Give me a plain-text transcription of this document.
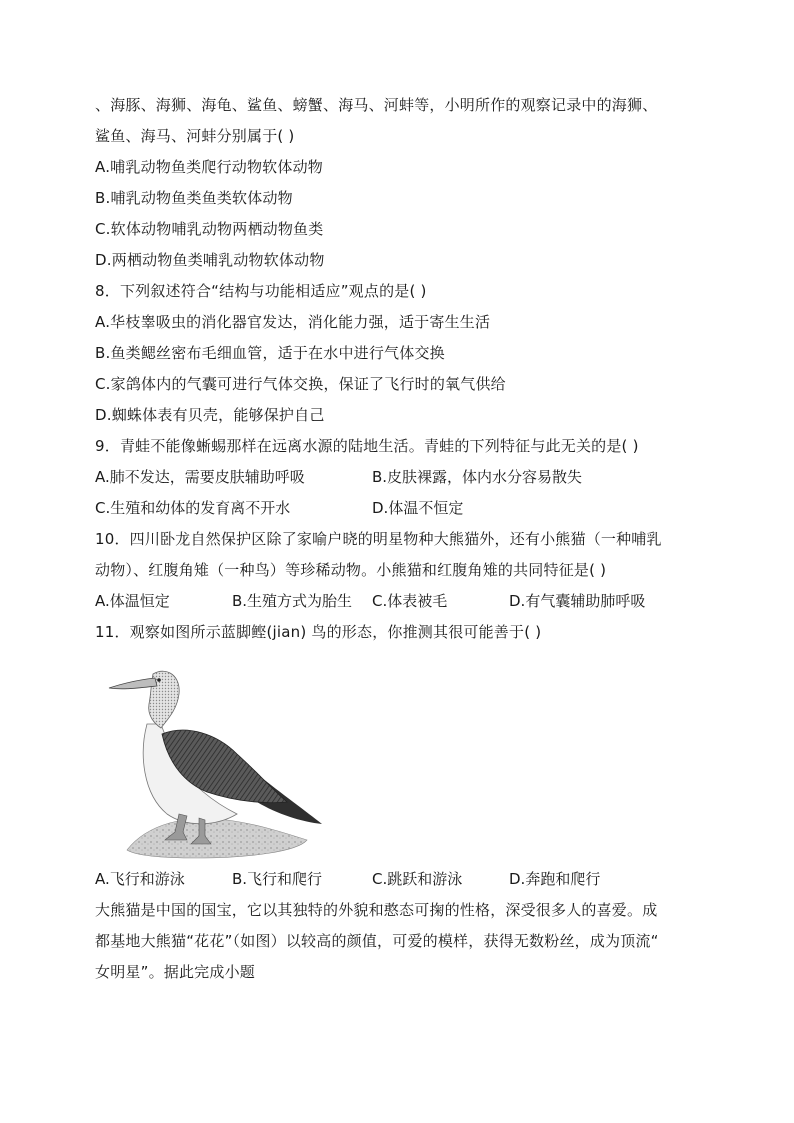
、海豚、海狮、海龟、鲨鱼、螃蟹、海马、河蚌等，小明所作的观察记录中的海狮、
鲨鱼、海马、河蚌分别属于( )
A.哺乳动物鱼类爬行动物软体动物
B.哺乳动物鱼类鱼类软体动物
C.软体动物哺乳动物两栖动物鱼类
D.两栖动物鱼类哺乳动物软体动物
8．下列叙述符合“结构与功能相适应”观点的是( )
A.华枝睾吸虫的消化器官发达，消化能力强，适于寄生生活
B.鱼类鳃丝密布毛细血管，适于在水中进行气体交换
C.家鸽体内的气囊可进行气体交换，保证了飞行时的氧气供给
D.蜘蛛体表有贝壳，能够保护自己
9．青蛙不能像蜥蜴那样在远离水源的陆地生活。青蛙的下列特征与此无关的是( )
A.肺不发达，需要皮肤辅助呼吸	B.皮肤裸露，体内水分容易散失
C.生殖和幼体的发育离不开水	D.体温不恒定
10．四川卧龙自然保护区除了家喻户晓的明星物种大熊猫外，还有小熊猫（一种哺乳
动物）、红腹角雉（一种鸟）等珍稀动物。小熊猫和红腹角雉的共同特征是( )
A.体温恒定	B.生殖方式为胎生	C.体表被毛	D.有气囊辅助肺呼吸
11．观察如图所示蓝脚鲣(jian) 鸟的形态，你推测其很可能善于( )
A.飞行和游泳	B.飞行和爬行	C.跳跃和游泳	D.奔跑和爬行
大熊猫是中国的国宝，它以其独特的外貌和憨态可掬的性格，深受很多人的喜爱。成
都基地大熊猫“花花”（如图）以较高的颜值，可爱的模样，获得无数粉丝，成为顶流“
女明星”。据此完成小题
